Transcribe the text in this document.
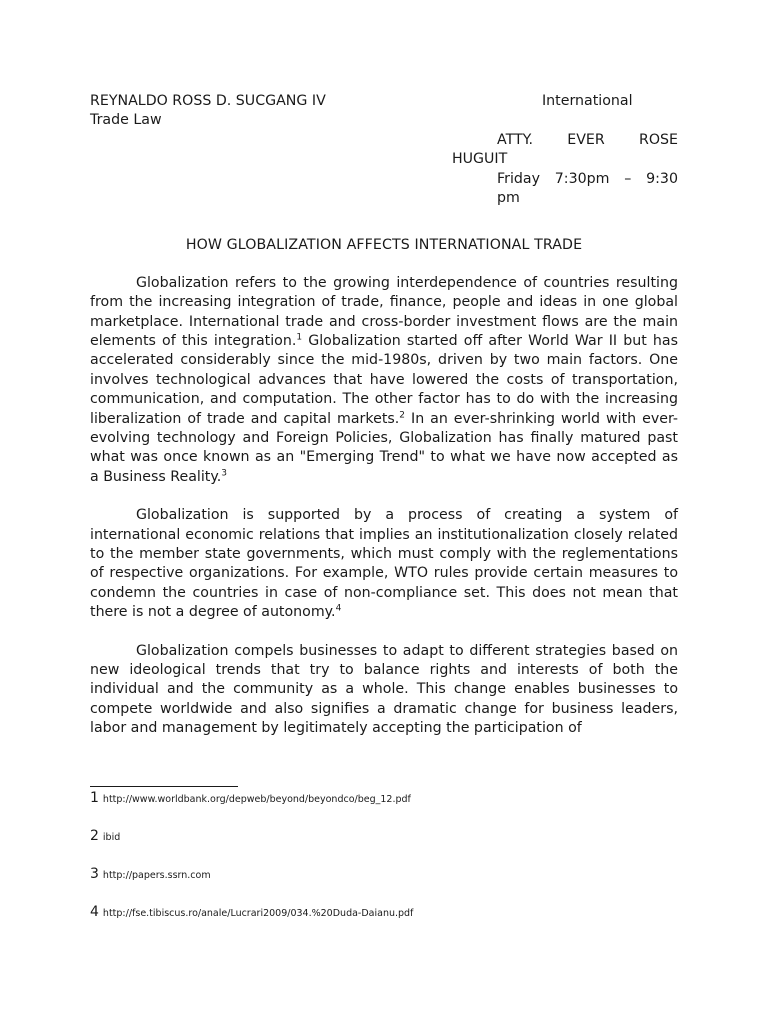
REYNALDO ROSS D. SUCGANG IV	International
Trade Law
ATTY. EVER ROSE
HUGUIT
Friday 7:30pm – 9:30
pm
HOW GLOBALIZATION AFFECTS INTERNATIONAL TRADE

Globalization refers to the growing interdependence of countries resulting from the increasing integration of trade, finance, people and ideas in one global marketplace. International trade and cross-border investment flows are the main elements of this integration.$^1$ Globalization started off after World War II but has accelerated considerably since the mid-1980s, driven by two main factors. One involves technological advances that have lowered the costs of transportation, communication, and computation. The other factor has to do with the increasing liberalization of trade and capital markets.$^2$ In an ever-shrinking world with ever-evolving technology and Foreign Policies, Globalization has finally matured past what was once known as an "Emerging Trend" to what we have now accepted as a Business Reality.$^3$

Globalization is supported by a process of creating a system of international economic relations that implies an institutionalization closely related to the member state governments, which must comply with the reglementations of respective organizations. For example, WTO rules provide certain measures to condemn the countries in case of non-compliance set. This does not mean that there is not a degree of autonomy.$^4$

Globalization compels businesses to adapt to different strategies based on new ideological trends that try to balance rights and interests of both the individual and the community as a whole. This change enables businesses to compete worldwide and also signifies a dramatic change for business leaders, labor and management by legitimately accepting the participation of

1 http://www.worldbank.org/depweb/beyond/beyondco/beg_12.pdf
2 ibid
3 http://papers.ssrn.com
4 http://fse.tibiscus.ro/anale/Lucrari2009/034.%20Duda-Daianu.pdf
